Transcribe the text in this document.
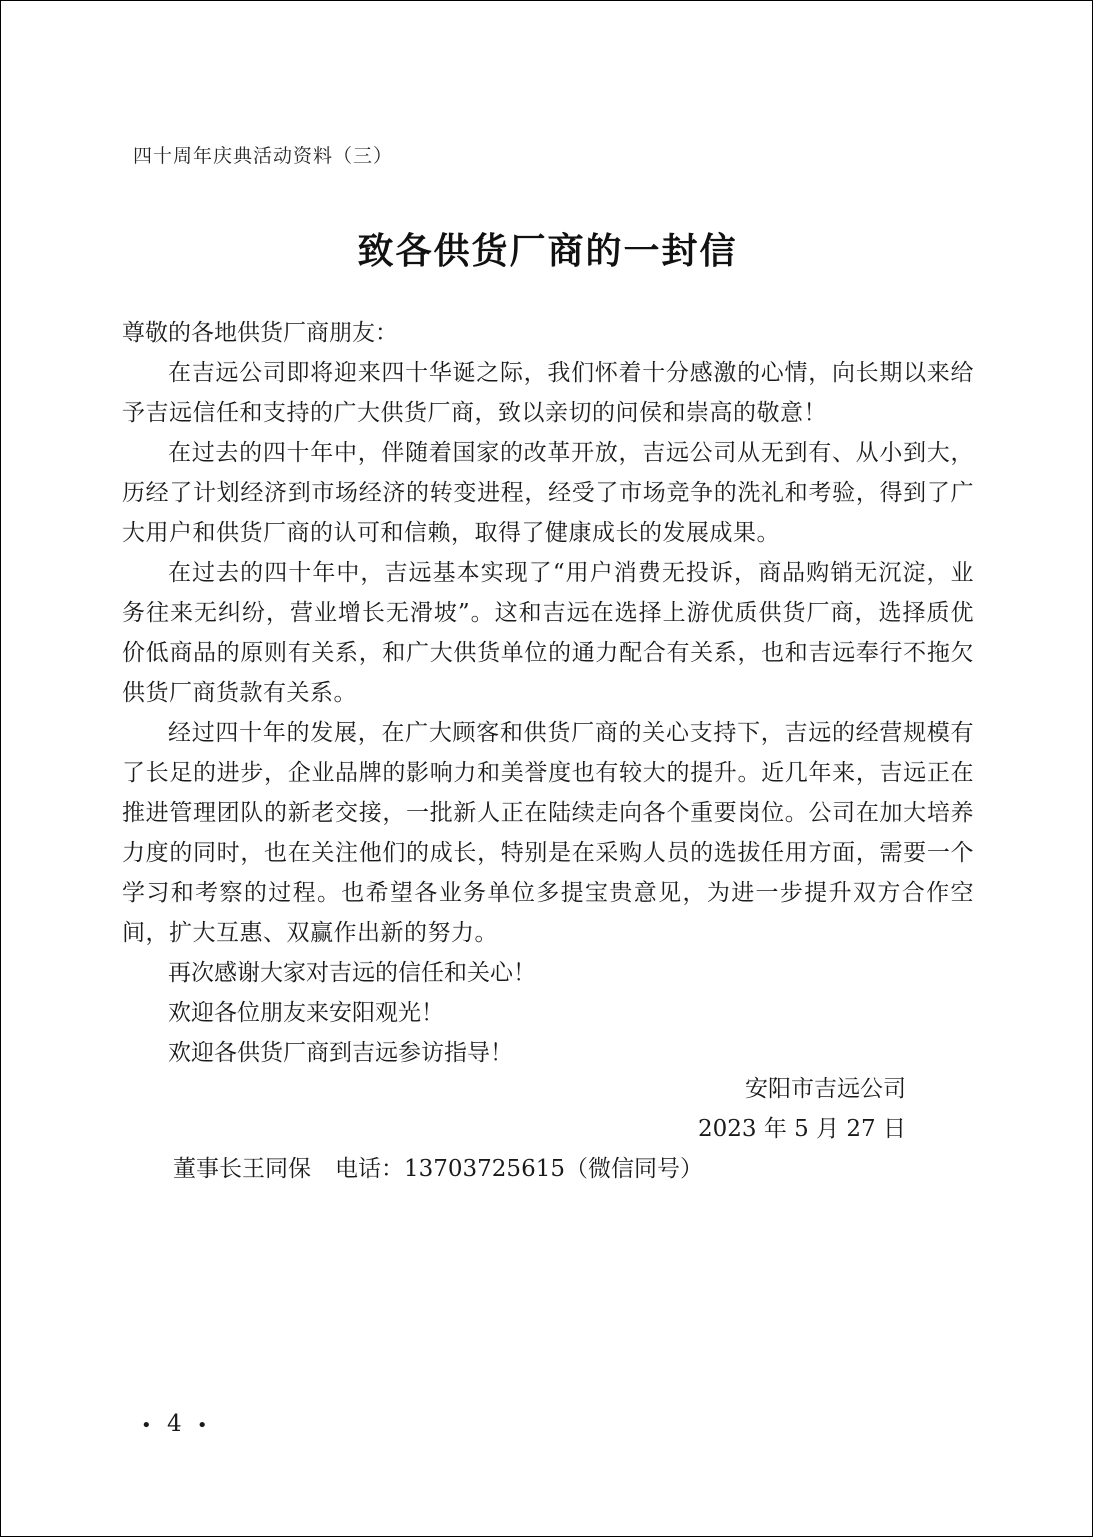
四十周年庆典活动资料（三）
致各供货厂商的一封信

尊敬的各地供货厂商朋友：

在吉远公司即将迎来四十华诞之际，我们怀着十分感激的心情，向长期以来给予吉远信任和支持的广大供货厂商，致以亲切的问侯和崇高的敬意！

在过去的四十年中，伴随着国家的改革开放，吉远公司从无到有、从小到大，历经了计划经济到市场经济的转变进程，经受了市场竞争的洗礼和考验，得到了广大用户和供货厂商的认可和信赖，取得了健康成长的发展成果。

在过去的四十年中，吉远基本实现了“用户消费无投诉，商品购销无沉淀，业务往来无纠纷，营业增长无滑坡”。这和吉远在选择上游优质供货厂商，选择质优价低商品的原则有关系，和广大供货单位的通力配合有关系，也和吉远奉行不拖欠供货厂商货款有关系。

经过四十年的发展，在广大顾客和供货厂商的关心支持下，吉远的经营规模有了长足的进步，企业品牌的影响力和美誉度也有较大的提升。近几年来，吉远正在推进管理团队的新老交接，一批新人正在陆续走向各个重要岗位。公司在加大培养力度的同时，也在关注他们的成长，特别是在采购人员的选拔任用方面，需要一个学习和考察的过程。也希望各业务单位多提宝贵意见，为进一步提升双方合作空间，扩大互惠、双赢作出新的努力。

再次感谢大家对吉远的信任和关心！

欢迎各位朋友来安阳观光！

欢迎各供货厂商到吉远参访指导！

安阳市吉远公司
2023 年 5 月 27 日
董事长王同保 电话：13703725615（微信同号）
• 4 •
